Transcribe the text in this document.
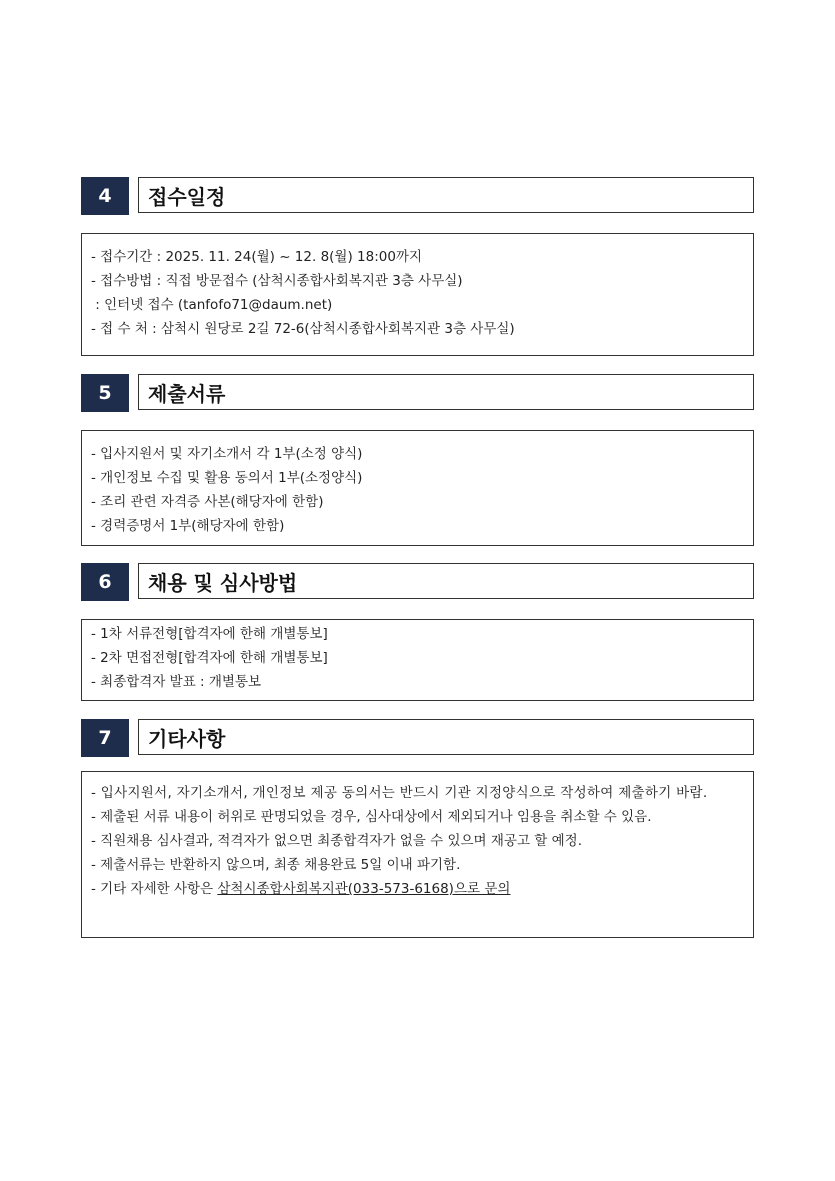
4	접수일정
- 접수기간 : 2025. 11. 24(월) ~ 12. 8(월) 18:00까지
- 접수방법 : 직접 방문접수 (삼척시종합사회복지관 3층 사무실)
: 인터넷 접수 (tanfofo71@daum.net)
- 접 수 처 : 삼척시 원당로 2길 72-6(삼척시종합사회복지관 3층 사무실)
5	제출서류
- 입사지원서 및 자기소개서 각 1부(소정 양식)
- 개인정보 수집 및 활용 동의서 1부(소정양식)
- 조리 관련 자격증 사본(해당자에 한함)
- 경력증명서 1부(해당자에 한함)
6	채용 및 심사방법
- 1차 서류전형[합격자에 한해 개별통보]
- 2차 면접전형[합격자에 한해 개별통보]
- 최종합격자 발표 : 개별통보
7	기타사항
- 입사지원서, 자기소개서, 개인정보 제공 동의서는 반드시 기관 지정양식으로 작성하여 제출하기 바람.
- 제출된 서류 내용이 허위로 판명되었을 경우, 심사대상에서 제외되거나 임용을 취소할 수 있음.
- 직원채용 심사결과, 적격자가 없으면 최종합격자가 없을 수 있으며 재공고 할 예정.
- 제출서류는 반환하지 않으며, 최종 채용완료 5일 이내 파기함.
- 기타 자세한 사항은 삼척시종합사회복지관(033-573-6168)으로 문의
